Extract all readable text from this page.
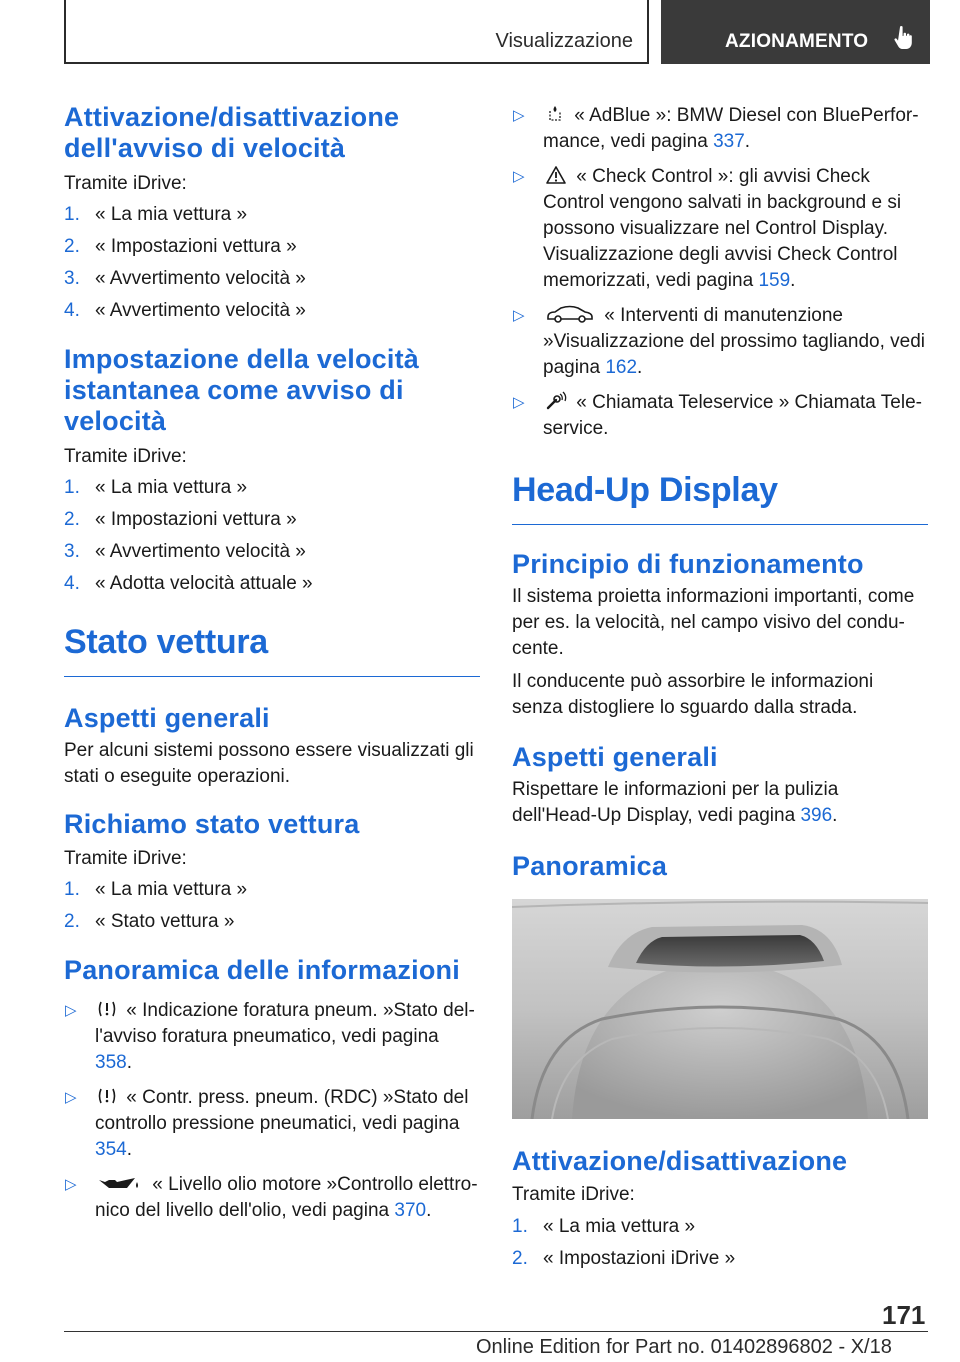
Visualizzazione	AZIONAMENTO
Attivazione/disattivazione dell'avviso di velocità

Tramite iDrive:

1. « La mia vettura »
2. « Impostazioni vettura »
3. « Avvertimento velocità »
4. « Avvertimento velocità »
Impostazione della velocità istantanea come avviso di velocità

Tramite iDrive:

1. « La mia vettura »
2. « Impostazioni vettura »
3. « Avvertimento velocità »
4. « Adotta velocità attuale »
Stato vettura
Aspetti generali

Per alcuni sistemi possono essere visualizzati gli stati o eseguite operazioni.

Richiamo stato vettura

Tramite iDrive:

1. « La mia vettura »
2. « Stato vettura »
Panoramica delle informazioni
▷	« Indicazione foratura pneum. »Stato dell'avviso foratura pneumatico, vedi pagina 358.
▷	« Contr. press. pneum. (RDC) »Stato del controllo pressione pneumatici, vedi pagina 354.
▷	« Livello olio motore »Controllo elettronico del livello dell'olio, vedi pagina 370.
▷	« AdBlue »: BMW Diesel con BluePerformance, vedi pagina 337.
▷	« Check Control »: gli avvisi Check Control vengono salvati in background e si possono visualizzare nel Control Display. Visualizzazione degli avvisi Check Control memorizzati, vedi pagina 159.
▷	« Interventi di manutenzione »Visualizzazione del prossimo tagliando, vedi pagina 162.
▷	« Chiamata Teleservice » Chiamata Teleservice.
Head-Up Display
Principio di funzionamento

Il sistema proietta informazioni importanti, come per es. la velocità, nel campo visivo del conducente.

Il conducente può assorbire le informazioni senza distogliere lo sguardo dalla strada.

Aspetti generali

Rispettare le informazioni per la pulizia dell'Head-Up Display, vedi pagina 396.

Panoramica
Attivazione/disattivazione

Tramite iDrive:

1. « La mia vettura »
2. « Impostazioni iDrive »
171
Online Edition for Part no. 01402896802 - X/18
